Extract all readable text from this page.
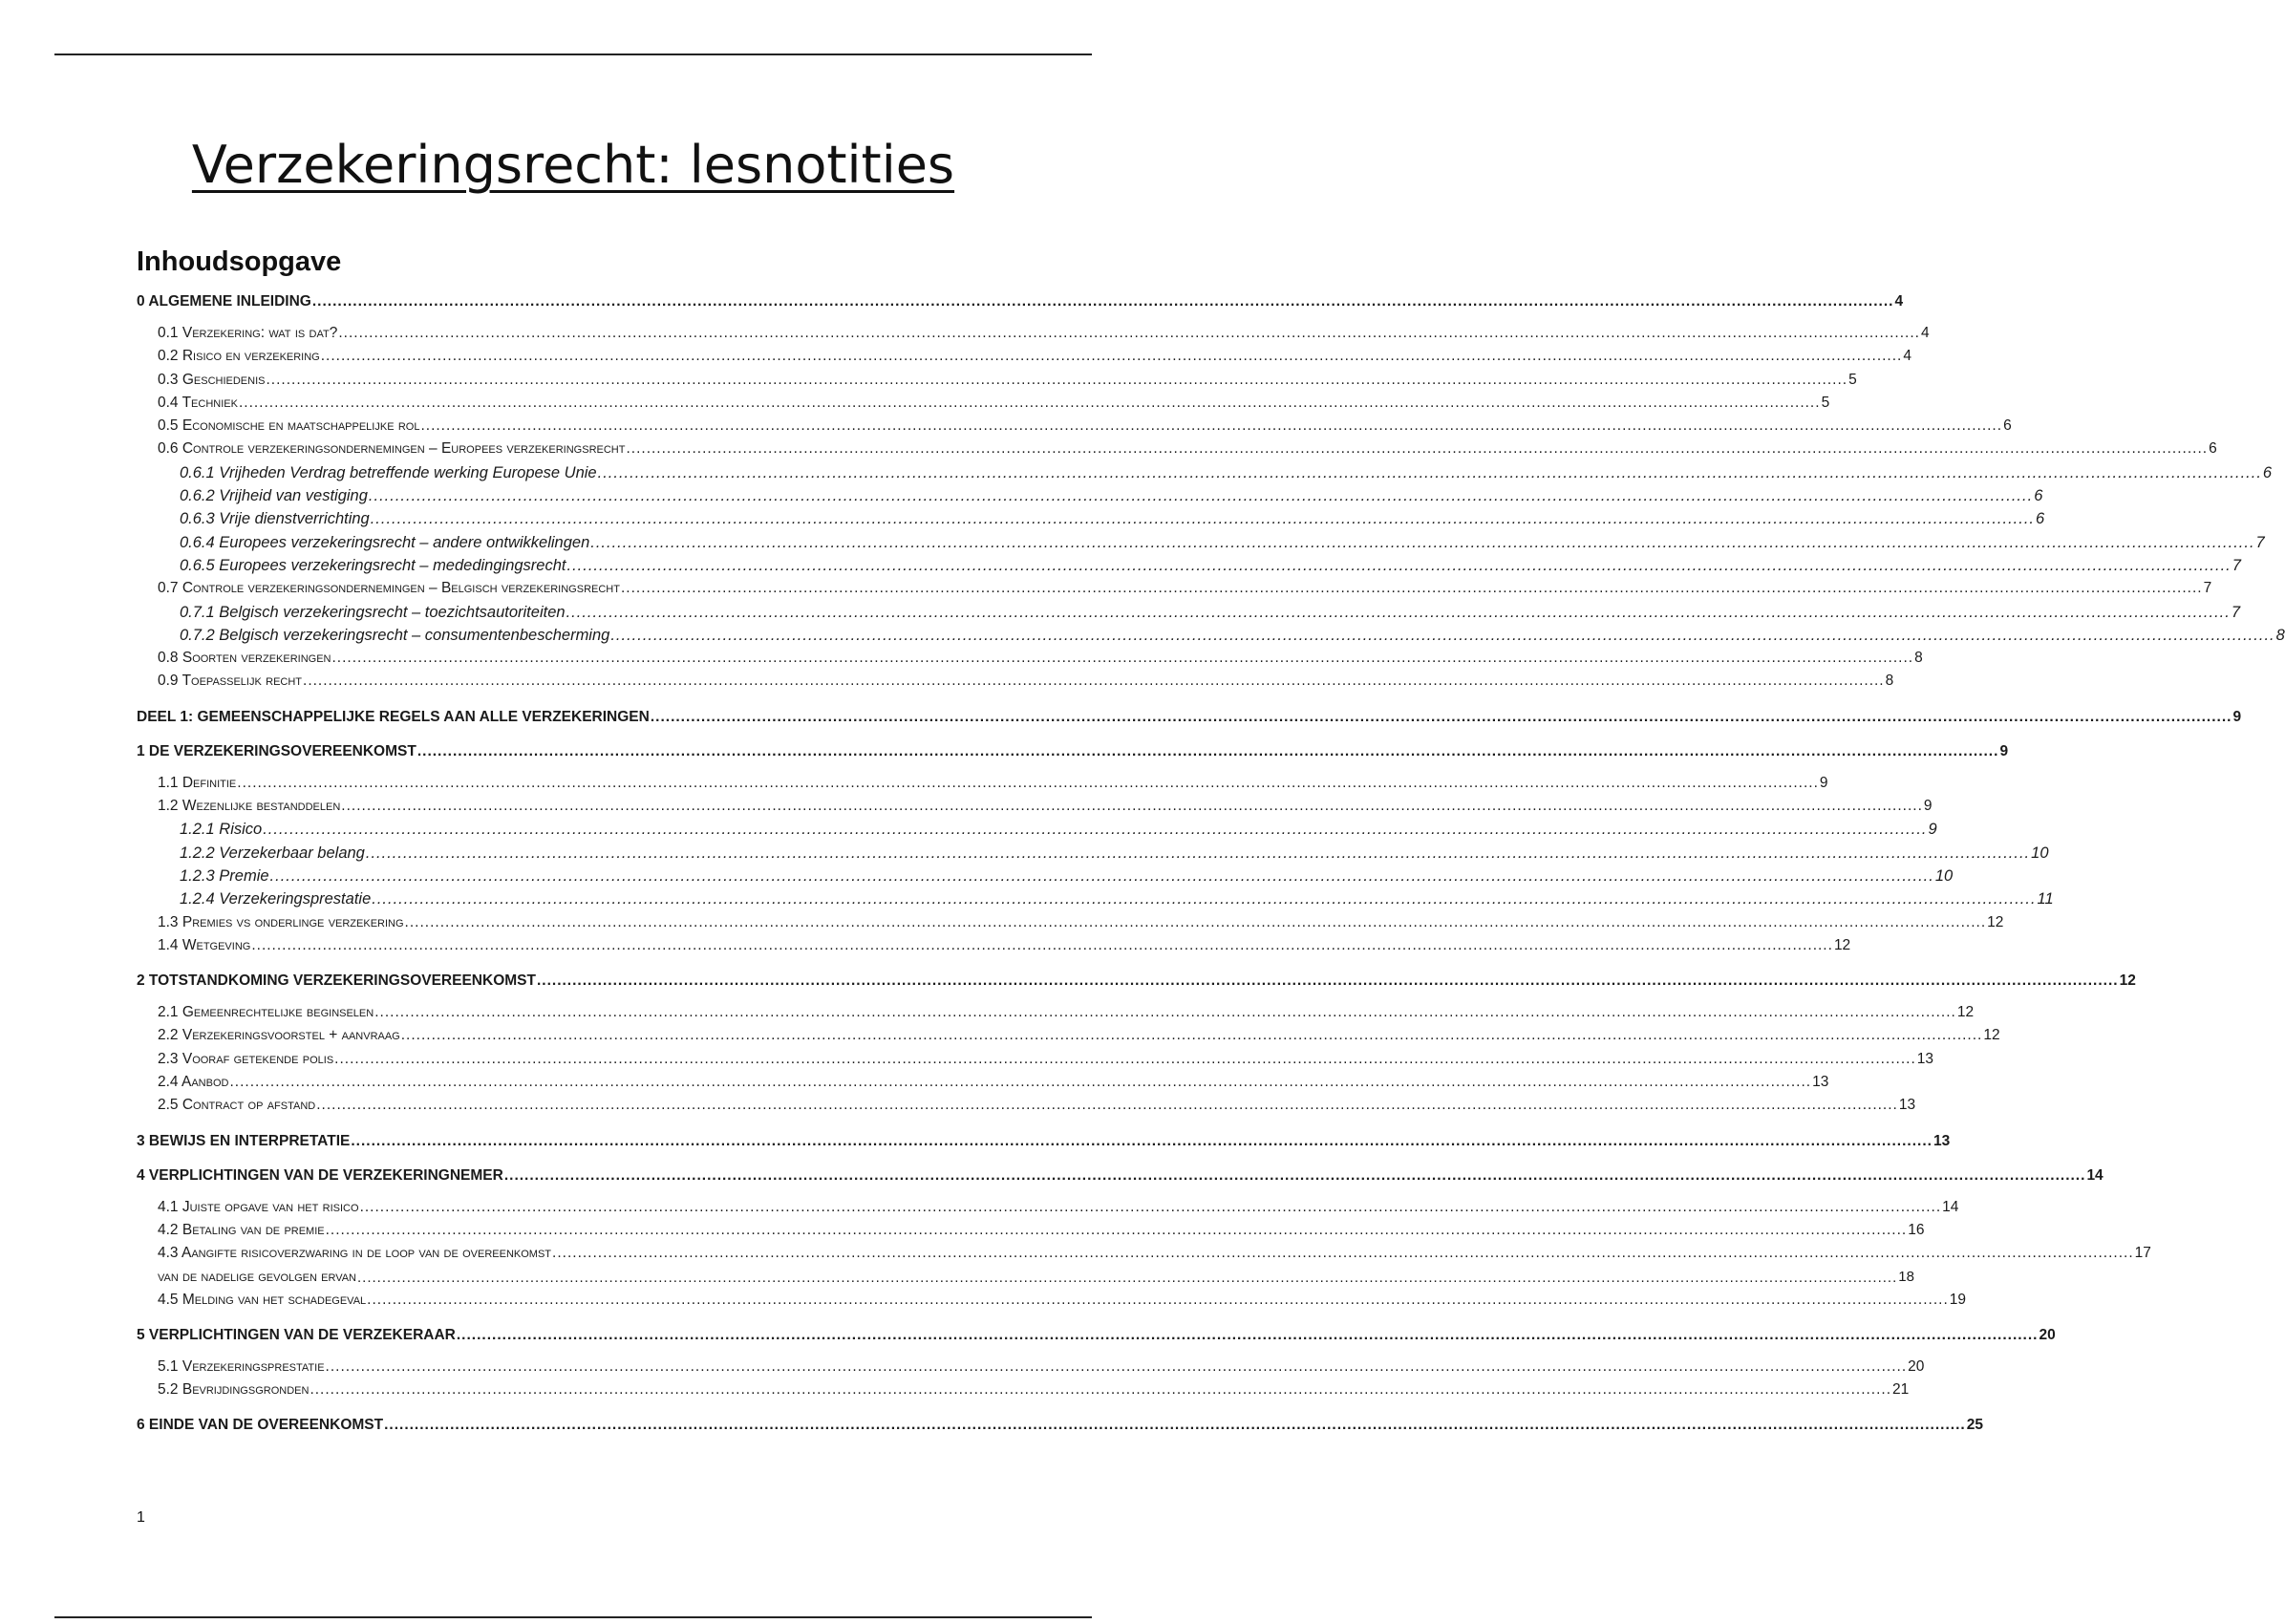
Verzekeringsrecht: lesnotities
Inhoudsopgave
0 ALGEMENE INLEIDING .....	4
0.1 Verzekering: wat is dat? .....	4
0.2 Risico en verzekering .....	4
0.3 Geschiedenis .....	5
0.4 Techniek .....	5
0.5 Economische en maatschappelijke rol .....	6
0.6 Controle verzekeringsondernemingen – Europees verzekeringsrecht .....	6
0.6.1 Vrijheden Verdrag betreffende werking Europese Unie .....	6
0.6.2 Vrijheid van vestiging .....	6
0.6.3 Vrije dienstverrichting .....	6
0.6.4 Europees verzekeringsrecht – andere ontwikkelingen .....	7
0.6.5 Europees verzekeringsrecht – mededingingsrecht .....	7
0.7 Controle verzekeringsondernemingen – Belgisch verzekeringsrecht .....	7
0.7.1 Belgisch verzekeringsrecht – toezichtsautoriteiten .....	7
0.7.2 Belgisch verzekeringsrecht – consumentenbescherming .....	8
0.8 Soorten verzekeringen .....	8
0.9 Toepasselijk recht .....	8
DEEL 1: GEMEENSCHAPPELIJKE REGELS AAN ALLE VERZEKERINGEN .....	9
1 DE VERZEKERINGSOVEREENKOMST .....	9
1.1 Definitie .....	9
1.2 Wezenlijke bestanddelen .....	9
1.2.1 Risico .....	9
1.2.2 Verzekerbaar belang .....	10
1.2.3 Premie .....	10
1.2.4 Verzekeringsprestatie .....	11
1.3 Premies vs onderlinge verzekering .....	12
1.4 Wetgeving .....	12
2 TOTSTANDKOMING VERZEKERINGSOVEREENKOMST .....	12
2.1 Gemeenrechtelijke beginselen .....	12
2.2 Verzekeringsvoorstel + aanvraag .....	12
2.3 Vooraf getekende polis .....	13
2.4 Aanbod .....	13
2.5 Contract op afstand .....	13
3 BEWIJS EN INTERPRETATIE .....	13
4 VERPLICHTINGEN VAN DE VERZEKERINGNEMER .....	14
4.1 Juiste opgave van het risico .....	14
4.2 Betaling van de premie .....	16
4.3 Aangifte risicoverzwaring in de loop van de overeenkomst .....	17
van de nadelige gevolgen ervan .....	18
4.5 Melding van het schadegeval .....	19
5 VERPLICHTINGEN VAN DE VERZEKERAAR .....	20
5.1 Verzekeringsprestatie .....	20
5.2 Bevrijdingsgronden .....	21
6 EINDE VAN DE OVEREENKOMST .....	25
1
